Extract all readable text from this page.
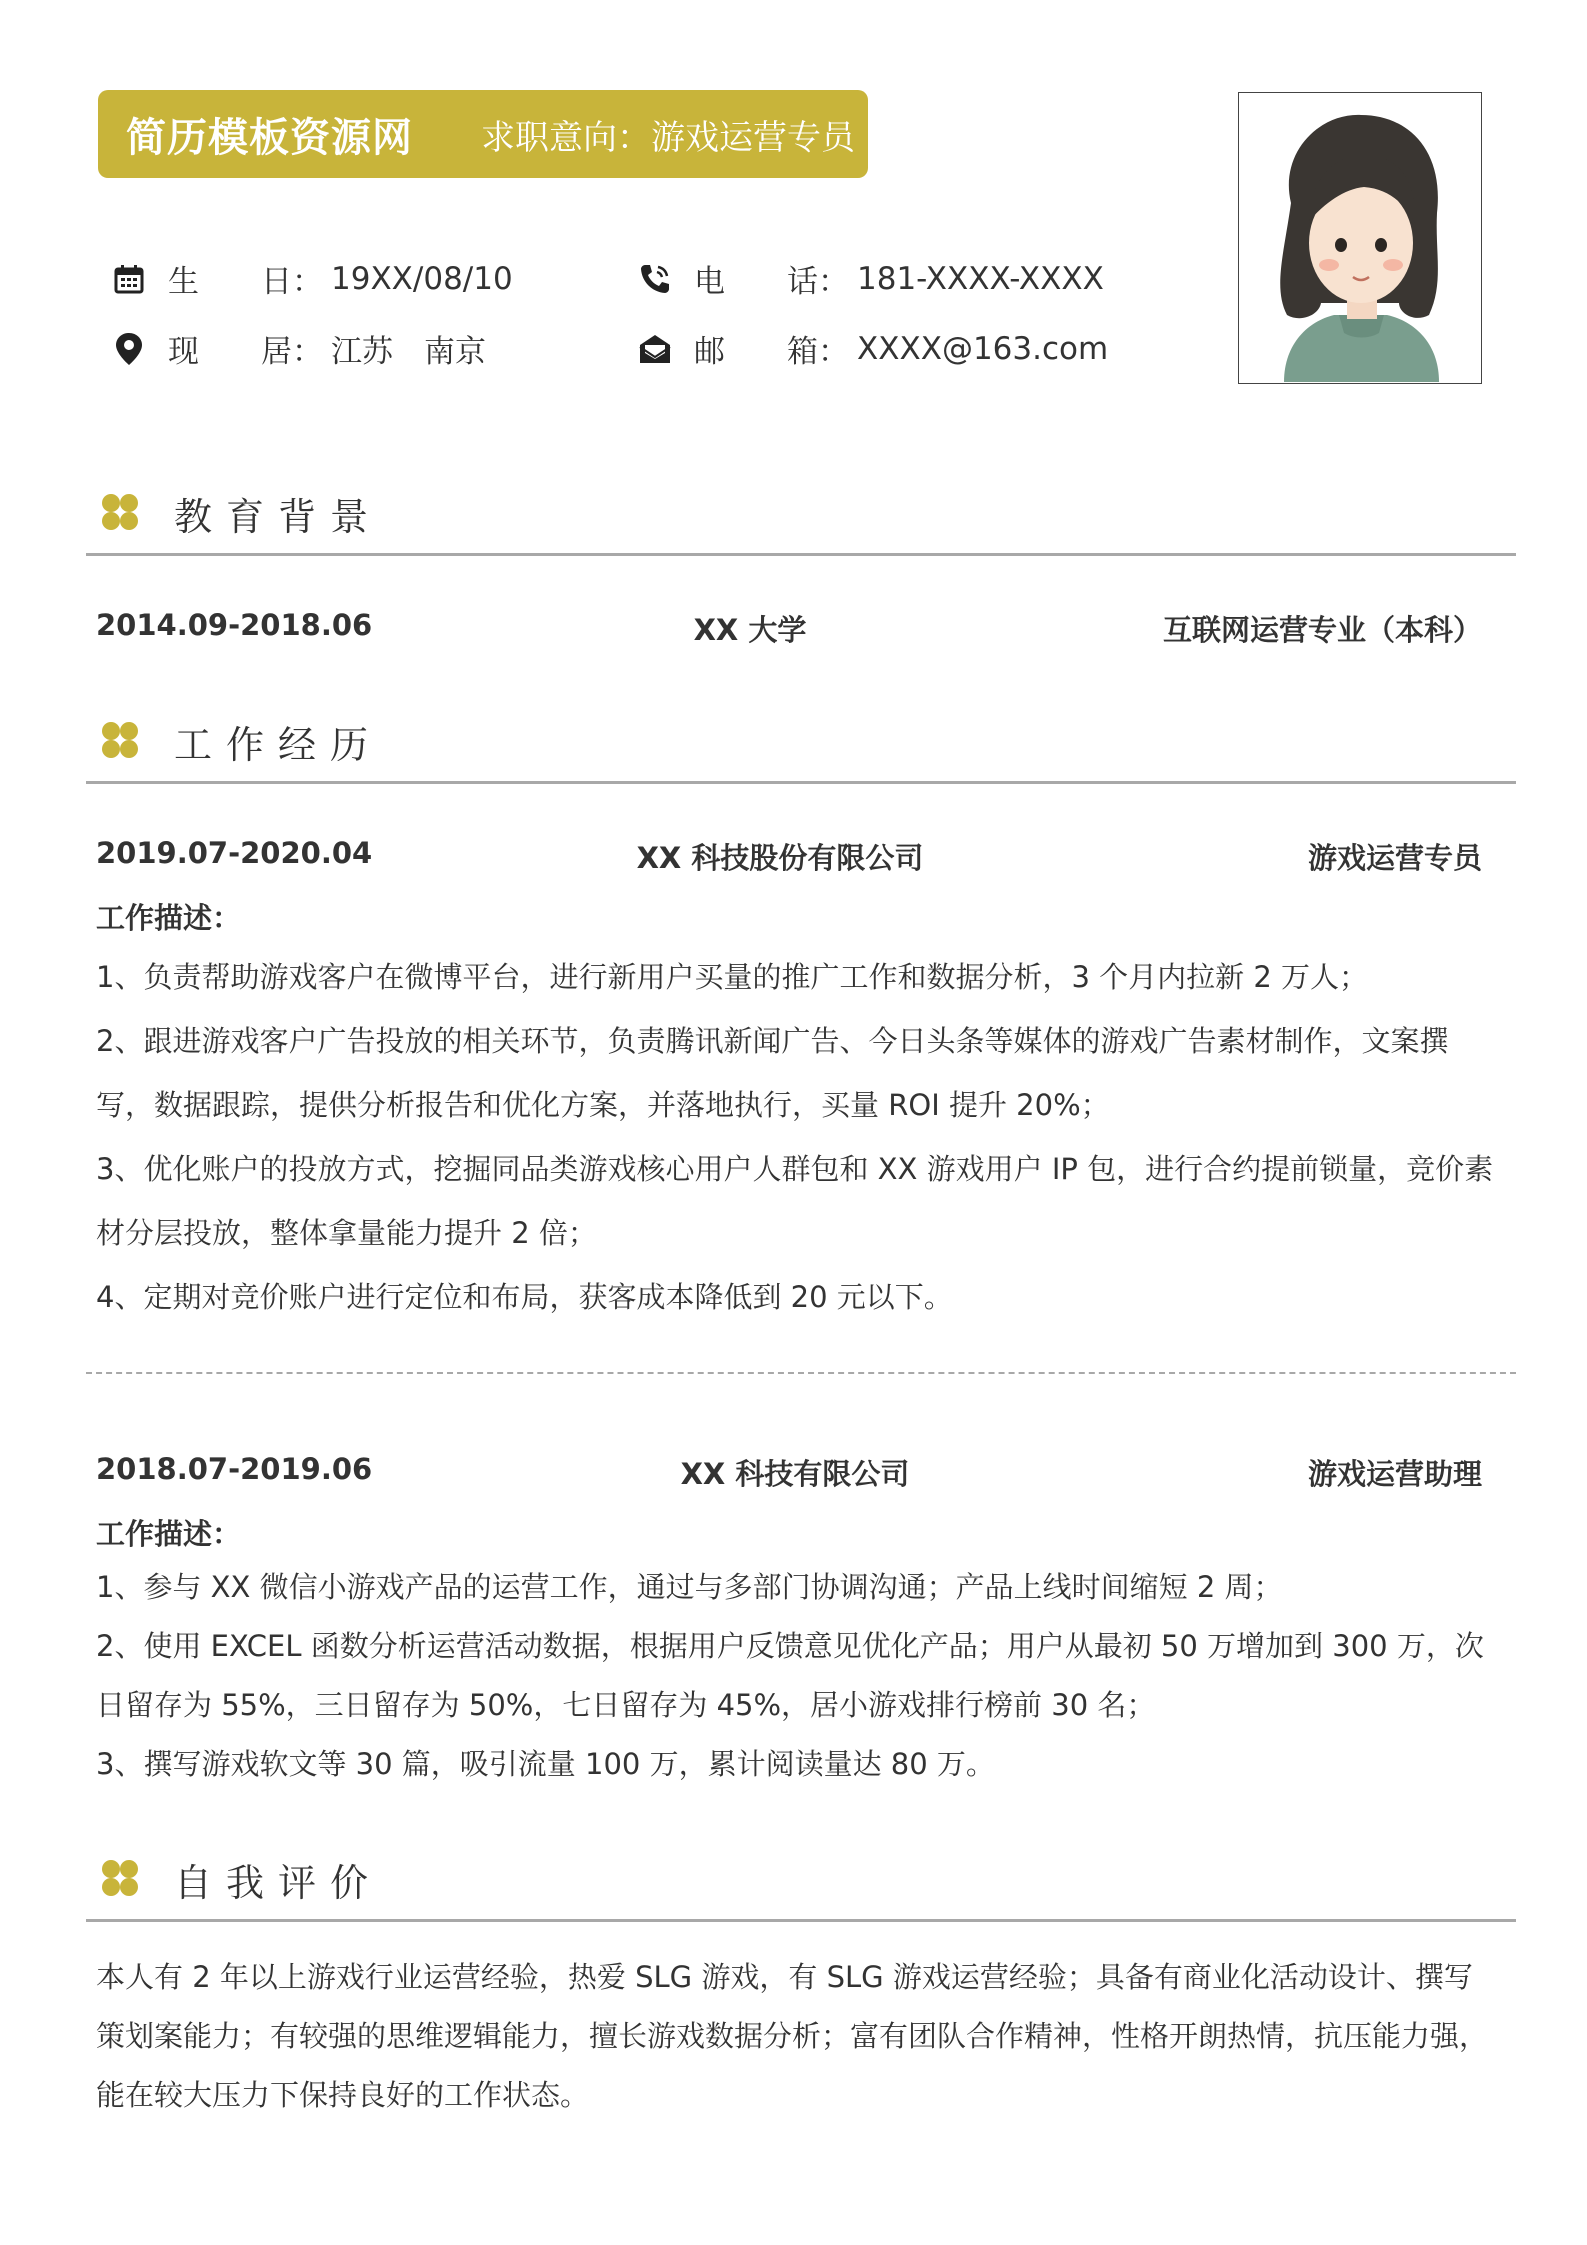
简历模板资源网 求职意向：游戏运营专员
生　　日： 19XX/08/10
现　　居： 江苏　南京
电　　话： 181-XXXX-XXXX
邮　　箱： XXXX@163.com
教育背景
2014.09-2018.06	XX 大学	互联网运营专业（本科）
工作经历
2019.07-2020.04	XX 科技股份有限公司	游戏运营专员
工作描述：
1、负责帮助游戏客户在微博平台，进行新用户买量的推广工作和数据分析，3 个月内拉新 2 万人；
2、跟进游戏客户广告投放的相关环节，负责腾讯新闻广告、今日头条等媒体的游戏广告素材制作，文案撰写，数据跟踪，提供分析报告和优化方案，并落地执行，买量 ROI 提升 20%；
3、优化账户的投放方式，挖掘同品类游戏核心用户人群包和 XX 游戏用户 IP 包，进行合约提前锁量，竞价素材分层投放，整体拿量能力提升 2 倍；
4、定期对竞价账户进行定位和布局，获客成本降低到 20 元以下。
2018.07-2019.06	XX 科技有限公司	游戏运营助理
工作描述：
1、参与 XX 微信小游戏产品的运营工作，通过与多部门协调沟通；产品上线时间缩短 2 周；
2、使用 EXCEL 函数分析运营活动数据，根据用户反馈意见优化产品；用户从最初 50 万增加到 300 万，次日留存为 55%，三日留存为 50%，七日留存为 45%，居小游戏排行榜前 30 名；
3、撰写游戏软文等 30 篇，吸引流量 100 万，累计阅读量达 80 万。
自我评价
本人有 2 年以上游戏行业运营经验，热爱 SLG 游戏，有 SLG 游戏运营经验；具备有商业化活动设计、撰写策划案能力；有较强的思维逻辑能力，擅长游戏数据分析；富有团队合作精神，性格开朗热情，抗压能力强，能在较大压力下保持良好的工作状态。
